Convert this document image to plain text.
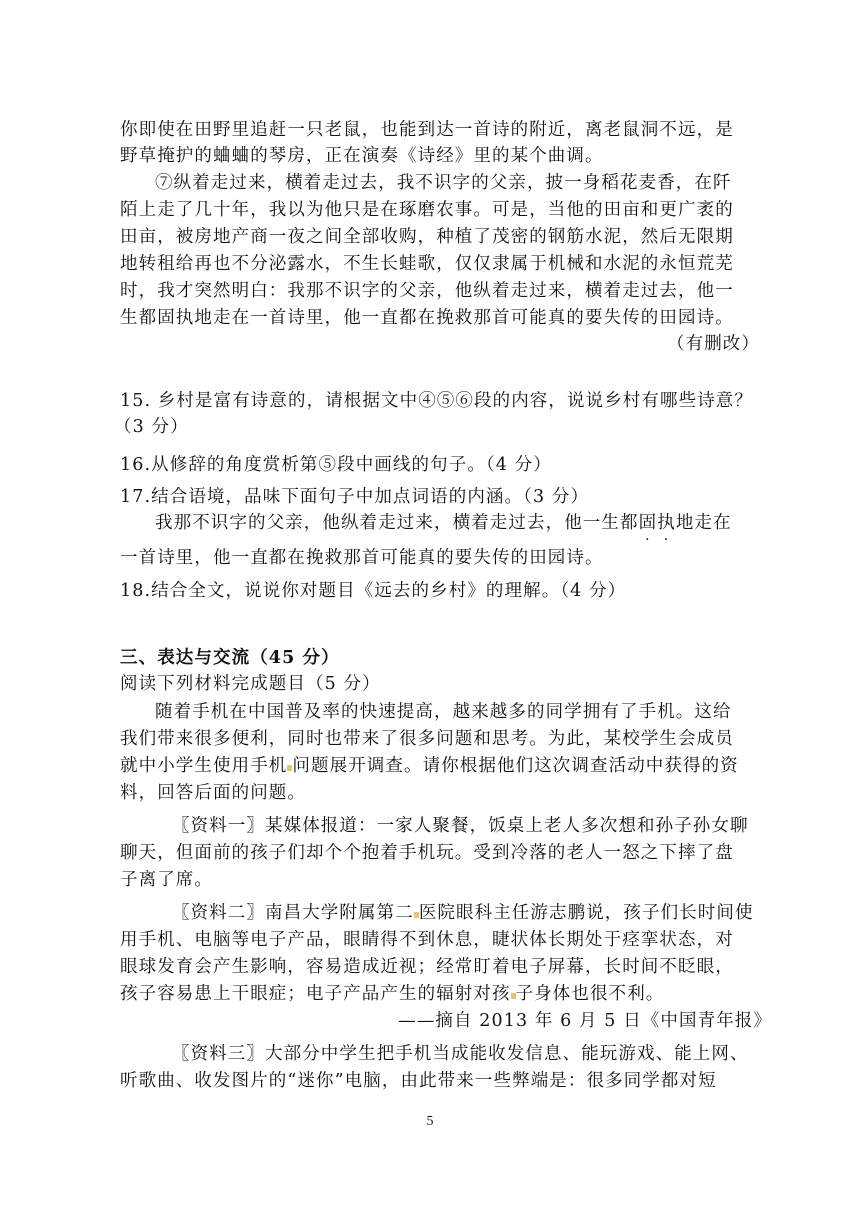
你即使在田野里追赶一只老鼠，也能到达一首诗的附近，离老鼠洞不远，是
野草掩护的蛐蛐的琴房，正在演奏《诗经》里的某个曲调。
⑦纵着走过来，横着走过去，我不识字的父亲，披一身稻花麦香，在阡
陌上走了几十年，我以为他只是在琢磨农事。可是，当他的田亩和更广袤的
田亩，被房地产商一夜之间全部收购，种植了茂密的钢筋水泥，然后无限期
地转租给再也不分泌露水，不生长蛙歌，仅仅隶属于机械和水泥的永恒荒芜
时，我才突然明白：我那不识字的父亲，他纵着走过来，横着走过去，他一
生都固执地走在一首诗里，他一直都在挽救那首可能真的要失传的田园诗。
（有删改）
15. 乡村是富有诗意的，请根据文中④⑤⑥段的内容，说说乡村有哪些诗意？
（3 分）
16.从修辞的角度赏析第⑤段中画线的句子。（4 分）
17.结合语境，品味下面句子中加点词语的内涵。（3 分）
我那不识字的父亲，他纵着走过来，横着走过去，他一生都固执地走在
一首诗里，他一直都在挽救那首可能真的要失传的田园诗。
18.结合全文，说说你对题目《远去的乡村》的理解。（4 分）
三、表达与交流（45 分）
阅读下列材料完成题目（5 分）
随着手机在中国普及率的快速提高，越来越多的同学拥有了手机。这给
我们带来很多便利，同时也带来了很多问题和思考。为此，某校学生会成员
就中小学生使用手机 问题展开调查。请你根据他们这次调查活动中获得的资
料，回答后面的问题。
〖资料一〗某媒体报道：一家人聚餐，饭桌上老人多次想和孙子孙女聊
聊天，但面前的孩子们却个个抱着手机玩。受到冷落的老人一怒之下摔了盘
子离了席。
〖资料二〗南昌大学附属第二 医院眼科主任游志鹏说，孩子们长时间使
用手机、电脑等电子产品，眼睛得不到休息，睫状体长期处于痉挛状态，对
眼球发育会产生影响，容易造成近视；经常盯着电子屏幕，长时间不眨眼，
孩子容易患上干眼症；电子产品产生的辐射对孩 子身体也很不利。
——摘自 2013 年 6 月 5 日《中国青年报》
〖资料三〗大部分中学生把手机当成能收发信息、能玩游戏、能上网、
听歌曲、收发图片的“迷你”电脑，由此带来一些弊端是：很多同学都对短
5
